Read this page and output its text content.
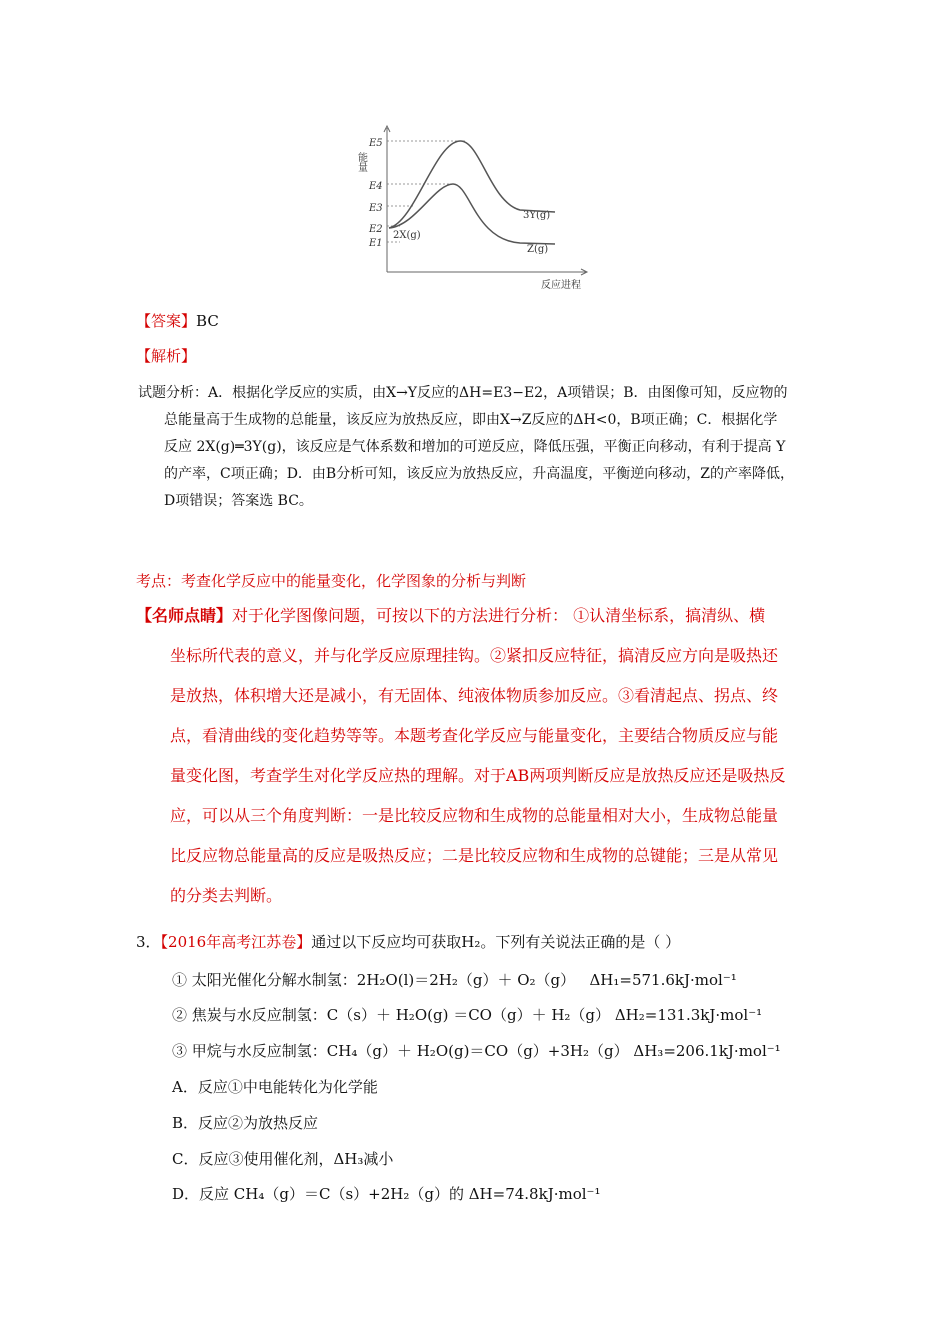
能量
E5
E4
E3
E2
E1
2X(g)
3Y(g)
Z(g)
反应进程
【答案】BC
【解析】
试题分析：A．根据化学反应的实质，由X→Y反应的ΔH=E3−E2，A项错误；B．由图像可知，反应物的
总能量高于生成物的总能量，该反应为放热反应，即由X→Z反应的ΔH<0，B项正确；C．根据化学
反应 2X(g)═3Y(g)，该反应是气体系数和增加的可逆反应，降低压强，平衡正向移动，有利于提高 Y
的产率，C项正确；D．由B分析可知，该反应为放热反应，升高温度，平衡逆向移动，Z的产率降低，
D项错误；答案选 BC。
考点：考查化学反应中的能量变化，化学图象的分析与判断
【名师点睛】对于化学图像问题，可按以下的方法进行分析： ①认清坐标系，搞清纵、横
坐标所代表的意义，并与化学反应原理挂钩。②紧扣反应特征，搞清反应方向是吸热还
是放热，体积增大还是减小，有无固体、纯液体物质参加反应。③看清起点、拐点、终
点，看清曲线的变化趋势等等。本题考查化学反应与能量变化，主要结合物质反应与能
量变化图，考查学生对化学反应热的理解。对于AB两项判断反应是放热反应还是吸热反
应，可以从三个角度判断：一是比较反应物和生成物的总能量相对大小，生成物总能量
比反应物总能量高的反应是吸热反应；二是比较反应物和生成物的总键能；三是从常见
的分类去判断。
3．【2016年高考江苏卷】通过以下反应均可获取H₂。下列有关说法正确的是（ ）
① 太阳光催化分解水制氢：2H₂O(l)＝2H₂（g）＋ O₂（g） ΔH₁=571.6kJ·mol⁻¹
② 焦炭与水反应制氢：C（s）＋ H₂O(g) ＝CO（g）＋ H₂（g） ΔH₂=131.3kJ·mol⁻¹
③ 甲烷与水反应制氢：CH₄（g）＋ H₂O(g)＝CO（g）+3H₂（g） ΔH₃=206.1kJ·mol⁻¹
A．反应①中电能转化为化学能
B．反应②为放热反应
C．反应③使用催化剂，ΔH₃减小
D．反应 CH₄（g）＝C（s）+2H₂（g）的 ΔH=74.8kJ·mol⁻¹
